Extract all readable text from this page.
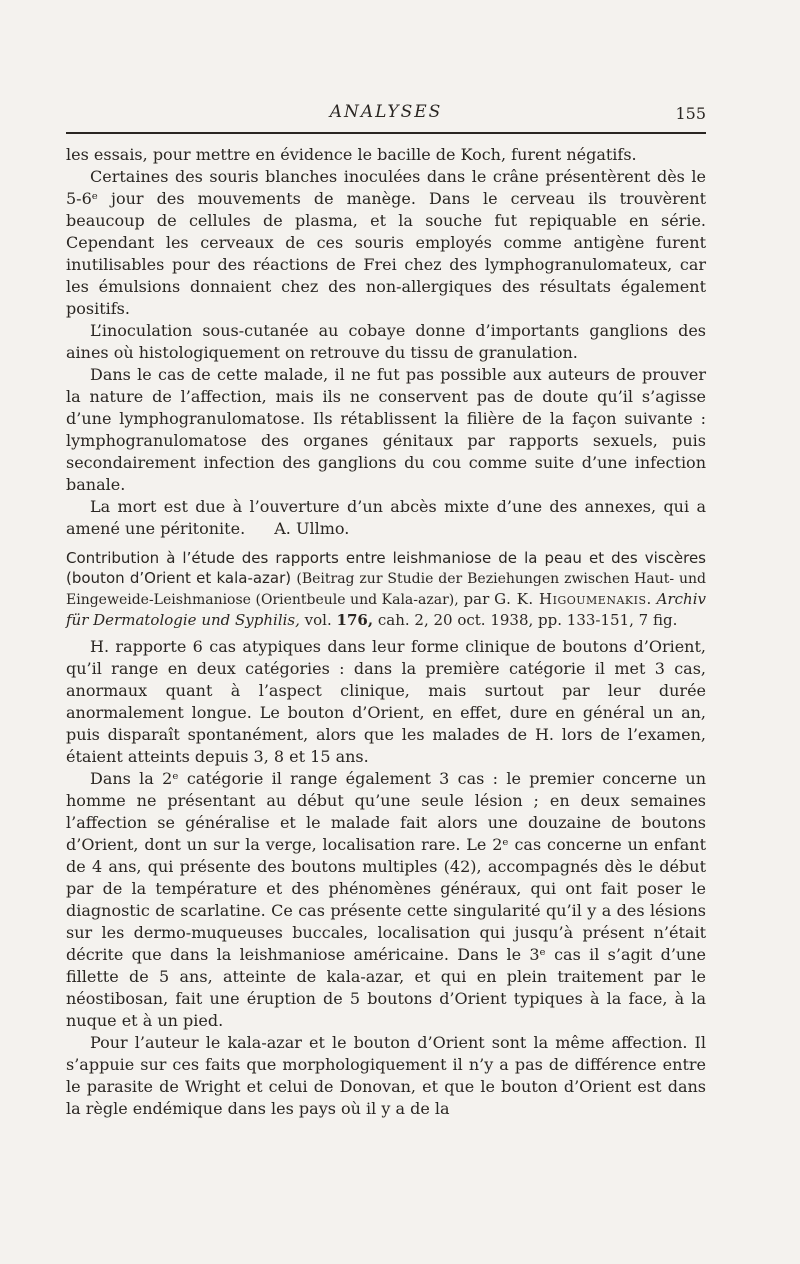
ANALYSES	155

les essais, pour mettre en évidence le bacille de Koch, furent négatifs.

Certaines des souris blanches inoculées dans le crâne présentèrent dès le 5-6ᵉ jour des mouvements de manège. Dans le cerveau ils trouvèrent beaucoup de cellules de plasma, et la souche fut repiquable en série. Cependant les cerveaux de ces souris employés comme antigène furent inutilisables pour des réactions de Frei chez des lymphogranulomateux, car les émulsions donnaient chez des non-allergiques des résultats également positifs.

L’inoculation sous-cutanée au cobaye donne d’importants ganglions des aines où histologiquement on retrouve du tissu de granulation.

Dans le cas de cette malade, il ne fut pas possible aux auteurs de prouver la nature de l’affection, mais ils ne conservent pas de doute qu’il s’agisse d’une lymphogranulomatose. Ils rétablissent la filière de la façon suivante : lymphogranulomatose des organes génitaux par rapports sexuels, puis secondairement infection des ganglions du cou comme suite d’une infection banale.

La mort est due à l’ouverture d’un abcès mixte d’une des annexes, qui a amené une péritonite. A. Ullmo.

Contribution à l’étude des rapports entre leishmaniose de la peau et des viscères (bouton d’Orient et kala-azar) (Beitrag zur Studie der Beziehungen zwischen Haut- und Eingeweide-Leishmaniose (Orientbeule und Kala-azar), par G. K. Higoumenakis. Archiv für Dermatologie und Syphilis, vol. 176, cah. 2, 20 oct. 1938, pp. 133-151, 7 fig.

H. rapporte 6 cas atypiques dans leur forme clinique de boutons d’Orient, qu’il range en deux catégories : dans la première catégorie il met 3 cas, anormaux quant à l’aspect clinique, mais surtout par leur durée anormalement longue. Le bouton d’Orient, en effet, dure en général un an, puis disparaît spontanément, alors que les malades de H. lors de l’examen, étaient atteints depuis 3, 8 et 15 ans.

Dans la 2ᵉ catégorie il range également 3 cas : le premier concerne un homme ne présentant au début qu’une seule lésion ; en deux semaines l’affection se généralise et le malade fait alors une douzaine de boutons d’Orient, dont un sur la verge, localisation rare. Le 2ᵉ cas concerne un enfant de 4 ans, qui présente des boutons multiples (42), accompagnés dès le début par de la température et des phénomènes généraux, qui ont fait poser le diagnostic de scarlatine. Ce cas présente cette singularité qu’il y a des lésions sur les dermo-muqueuses buccales, localisation qui jusqu’à présent n’était décrite que dans la leishmaniose américaine. Dans le 3ᵉ cas il s’agit d’une fillette de 5 ans, atteinte de kala-azar, et qui en plein traitement par le néostibosan, fait une éruption de 5 boutons d’Orient typiques à la face, à la nuque et à un pied.

Pour l’auteur le kala-azar et le bouton d’Orient sont la même affection. Il s’appuie sur ces faits que morphologiquement il n’y a pas de différence entre le parasite de Wright et celui de Donovan, et que le bouton d’Orient est dans la règle endémique dans les pays où il y a de la
